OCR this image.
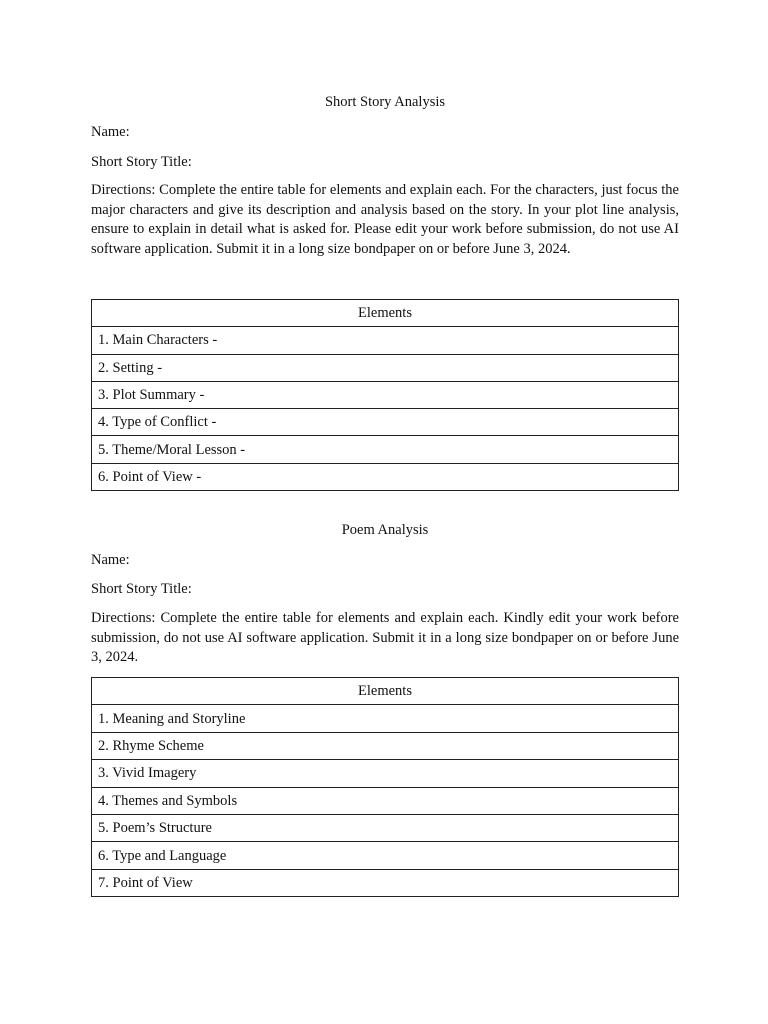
Short Story Analysis

Name:

Short Story Title:

Directions: Complete the entire table for elements and explain each. For the characters, just focus the major characters and give its description and analysis based on the story. In your plot line analysis, ensure to explain in detail what is asked for. Please edit your work before submission, do not use AI software application. Submit it in a long size bondpaper on or before June 3, 2024.

Elements
1. Main Characters -
2. Setting -
3. Plot Summary -
4. Type of Conflict -
5. Theme/Moral Lesson -
6. Point of View -

Poem Analysis

Name:

Short Story Title:

Directions: Complete the entire table for elements and explain each. Kindly edit your work before submission, do not use AI software application. Submit it in a long size bondpaper on or before June 3, 2024.

Elements
1. Meaning and Storyline
2. Rhyme Scheme
3. Vivid Imagery
4. Themes and Symbols
5. Poem’s Structure
6. Type and Language
7. Point of View
